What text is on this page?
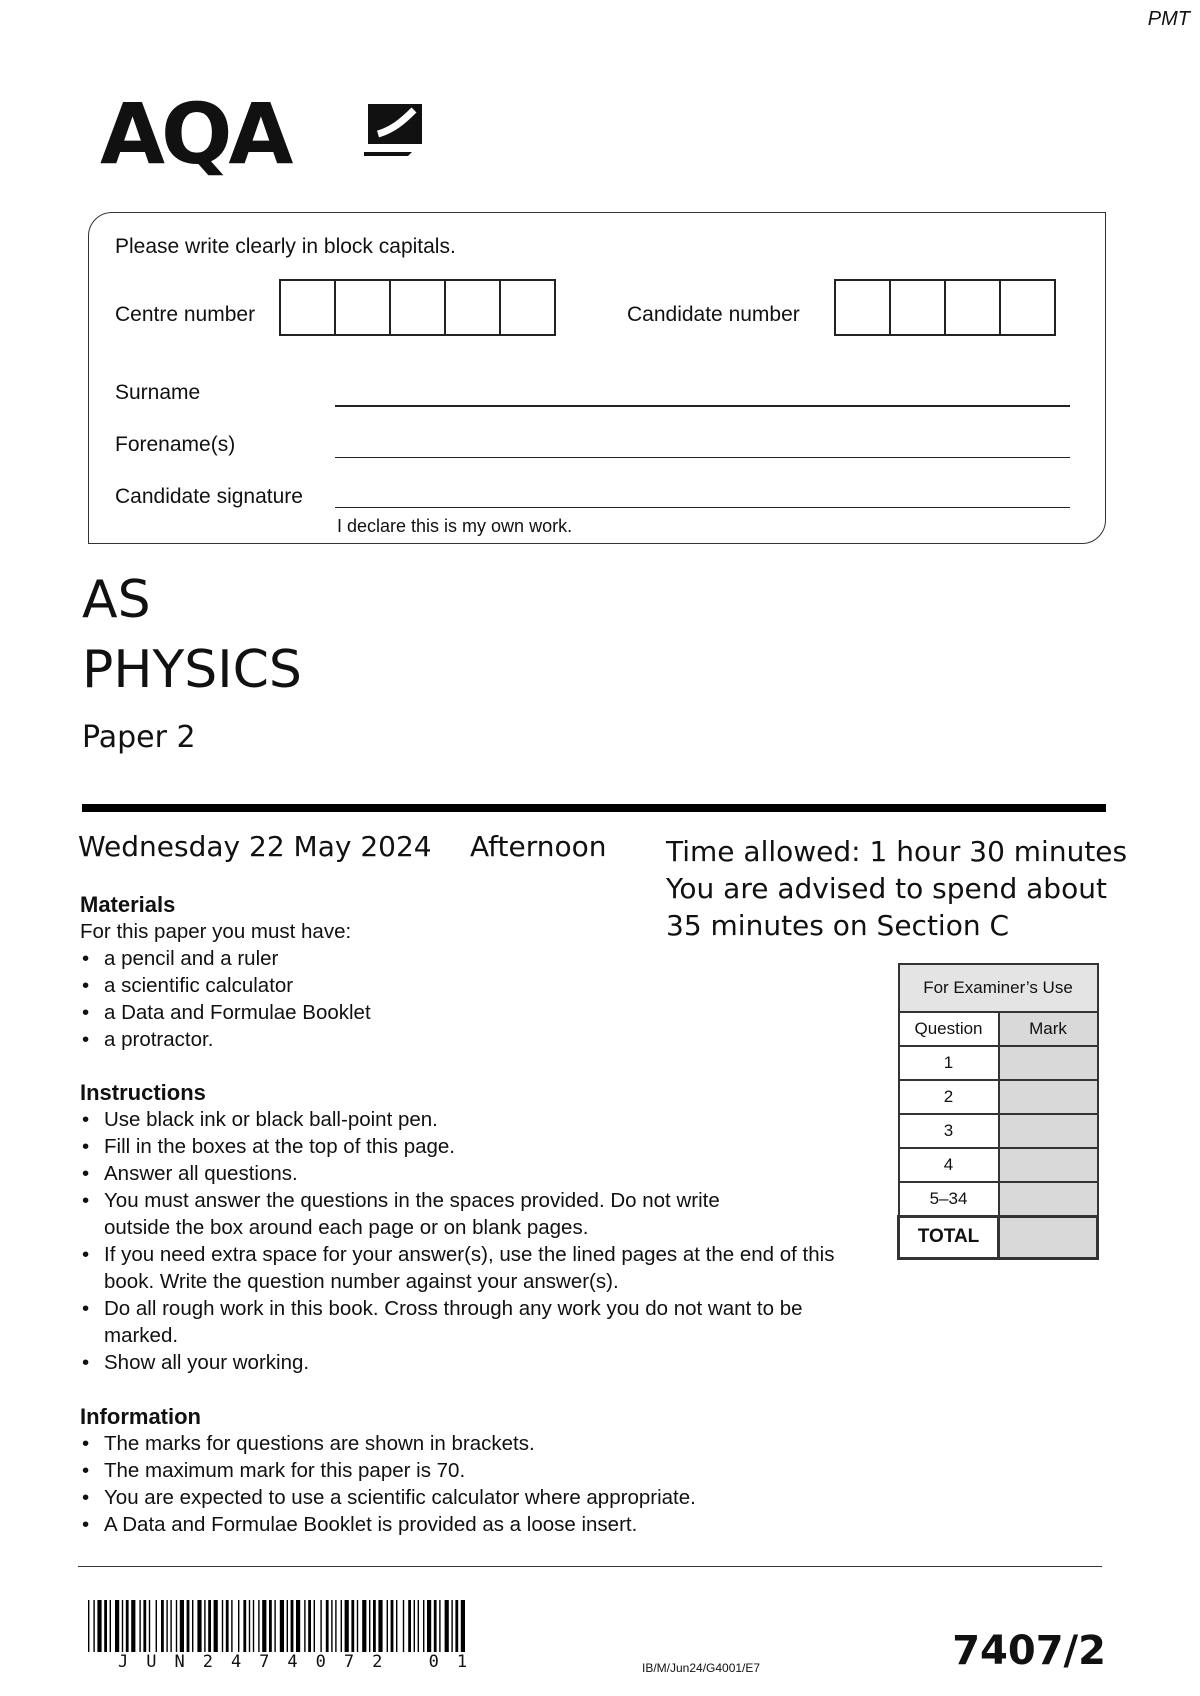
PMT
AQA
Please write clearly in block capitals.
Centre number	Candidate number
Surname
Forename(s)
Candidate signature
I declare this is my own work.
AS
PHYSICS
Paper 2
Wednesday 22 May 2024 Afternoon Time allowed: 1 hour 30 minutes
You are advised to spend about
35 minutes on Section C
Materials
For this paper you must have:
• a pencil and a ruler
• a scientific calculator
• a Data and Formulae Booklet
• a protractor.
Instructions
• Use black ink or black ball-point pen.
• Fill in the boxes at the top of this page.
• Answer all questions.
• You must answer the questions in the spaces provided. Do not write outside the box around each page or on blank pages.
• If you need extra space for your answer(s), use the lined pages at the end of this book. Write the question number against your answer(s).
• Do all rough work in this book. Cross through any work you do not want to be marked.
• Show all your working.
Information
• The marks for questions are shown in brackets.
• The maximum mark for this paper is 70.
• You are expected to use a scientific calculator where appropriate.
• A Data and Formulae Booklet is provided as a loose insert.
For Examiner’s Use	
Question	Mark
1	
2	
3	
4	
5–34	
TOTAL	
JUN2474072 01	IB/M/Jun24/G4001/E7	7407/2
